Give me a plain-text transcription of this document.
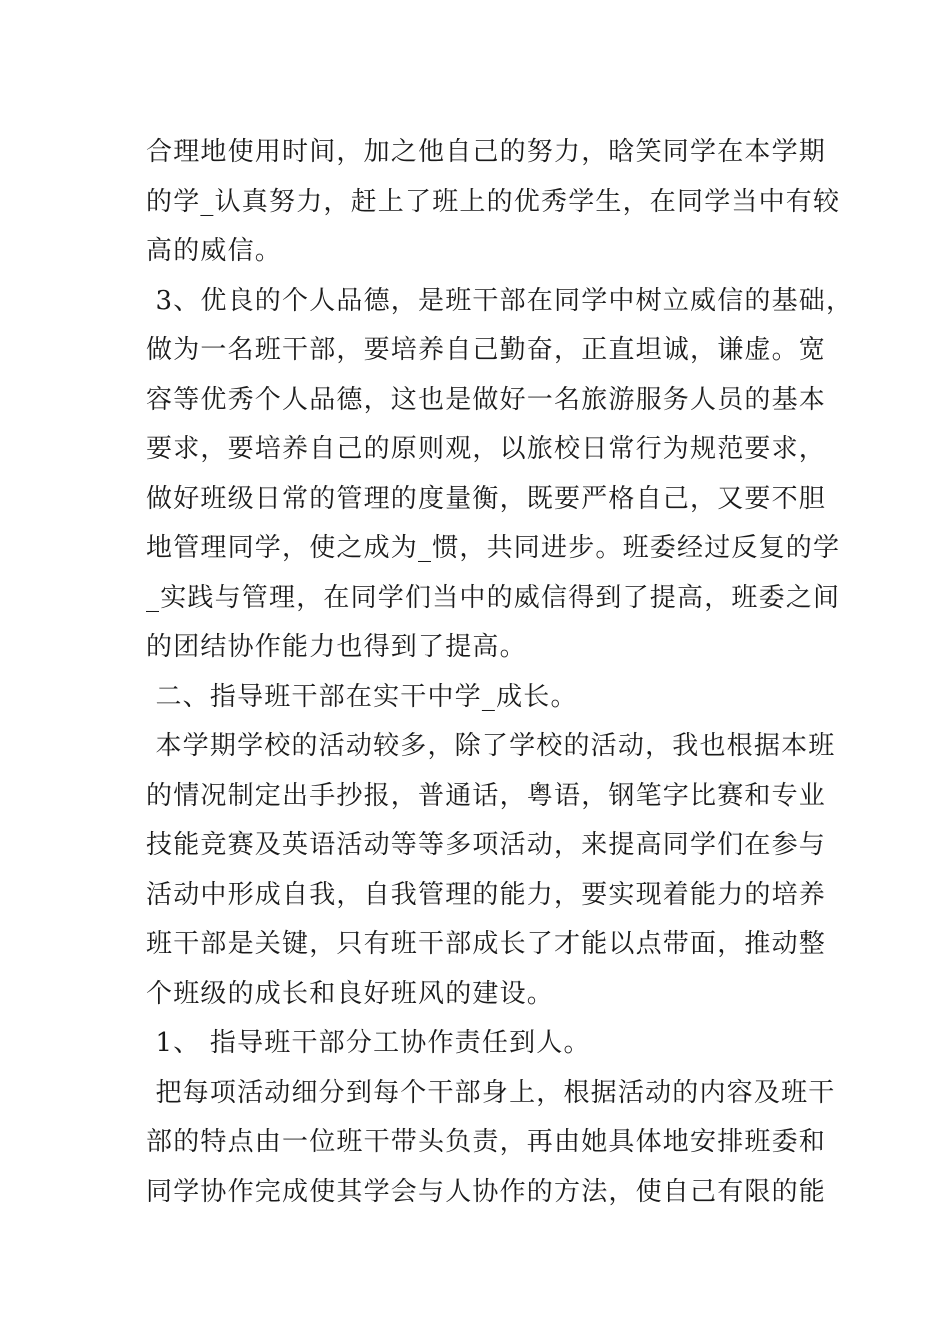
合理地使用时间，加之他自己的努力，晗笑同学在本学期
的学_认真努力，赶上了班上的优秀学生，在同学当中有较
高的威信。
3、优良的个人品德，是班干部在同学中树立威信的基础，
做为一名班干部，要培养自己勤奋，正直坦诚，谦虚。宽
容等优秀个人品德，这也是做好一名旅游服务人员的基本
要求，要培养自己的原则观，以旅校日常行为规范要求，
做好班级日常的管理的度量衡，既要严格自己，又要不胆
地管理同学，使之成为_惯，共同进步。班委经过反复的学
_实践与管理，在同学们当中的威信得到了提高，班委之间
的团结协作能力也得到了提高。
二、指导班干部在实干中学_成长。
本学期学校的活动较多，除了学校的活动，我也根据本班
的情况制定出手抄报，普通话，粤语，钢笔字比赛和专业
技能竞赛及英语活动等等多项活动，来提高同学们在参与
活动中形成自我，自我管理的能力，要实现着能力的培养
班干部是关键，只有班干部成长了才能以点带面，推动整
个班级的成长和良好班风的建设。
1、 指导班干部分工协作责任到人。
把每项活动细分到每个干部身上，根据活动的内容及班干
部的特点由一位班干带头负责，再由她具体地安排班委和
同学协作完成使其学会与人协作的方法，使自己有限的能
